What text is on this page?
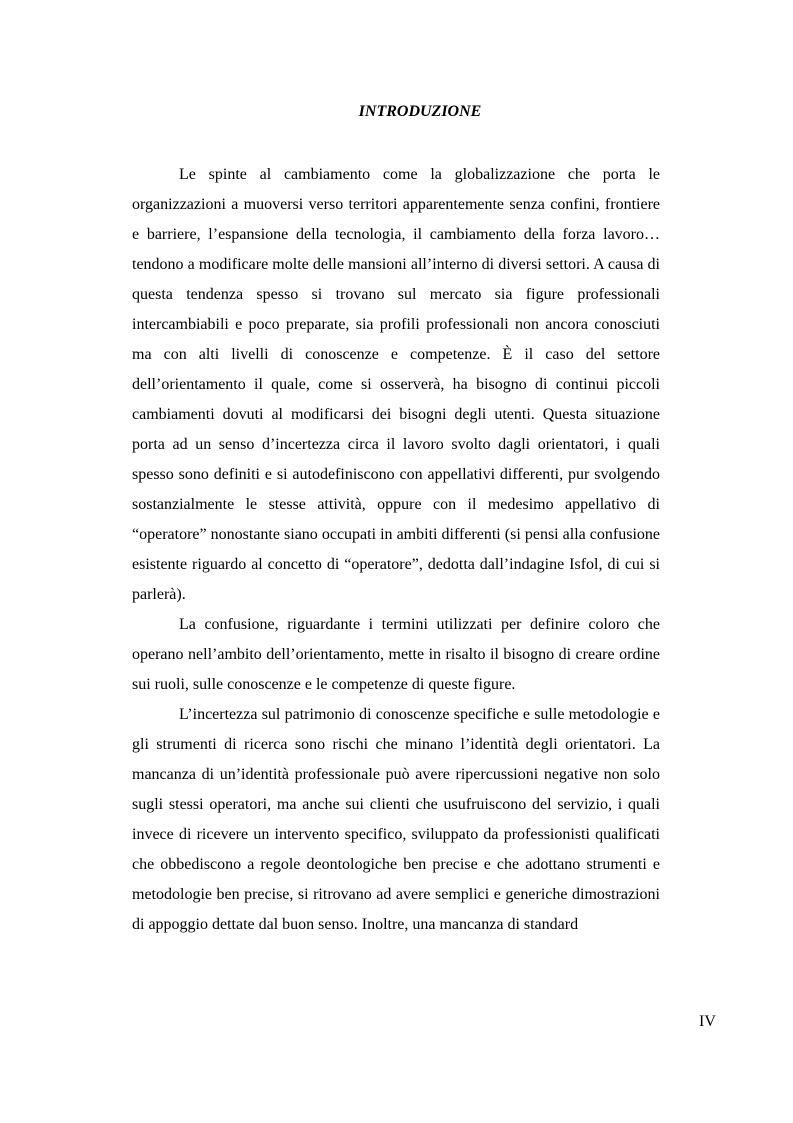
INTRODUZIONE

Le spinte al cambiamento come la globalizzazione che porta le organizzazioni a muoversi verso territori apparentemente senza confini, frontiere e barriere, l’espansione della tecnologia, il cambiamento della forza lavoro… tendono a modificare molte delle mansioni all’interno di diversi settori. A causa di questa tendenza spesso si trovano sul mercato sia figure professionali intercambiabili e poco preparate, sia profili professionali non ancora conosciuti ma con alti livelli di conoscenze e competenze. È il caso del settore dell’orientamento il quale, come si osserverà, ha bisogno di continui piccoli cambiamenti dovuti al modificarsi dei bisogni degli utenti. Questa situazione porta ad un senso d’incertezza circa il lavoro svolto dagli orientatori, i quali spesso sono definiti e si autodefiniscono con appellativi differenti, pur svolgendo sostanzialmente le stesse attività, oppure con il medesimo appellativo di “operatore” nonostante siano occupati in ambiti differenti (si pensi alla confusione esistente riguardo al concetto di “operatore”, dedotta dall’indagine Isfol, di cui si parlerà).

La confusione, riguardante i termini utilizzati per definire coloro che operano nell’ambito dell’orientamento, mette in risalto il bisogno di creare ordine sui ruoli, sulle conoscenze e le competenze di queste figure.

L’incertezza sul patrimonio di conoscenze specifiche e sulle metodologie e gli strumenti di ricerca sono rischi che minano l’identità degli orientatori. La mancanza di un’identità professionale può avere ripercussioni negative non solo sugli stessi operatori, ma anche sui clienti che usufruiscono del servizio, i quali invece di ricevere un intervento specifico, sviluppato da professionisti qualificati che obbediscono a regole deontologiche ben precise e che adottano strumenti e metodologie ben precise, si ritrovano ad avere semplici e generiche dimostrazioni di appoggio dettate dal buon senso. Inoltre, una mancanza di standard

IV
